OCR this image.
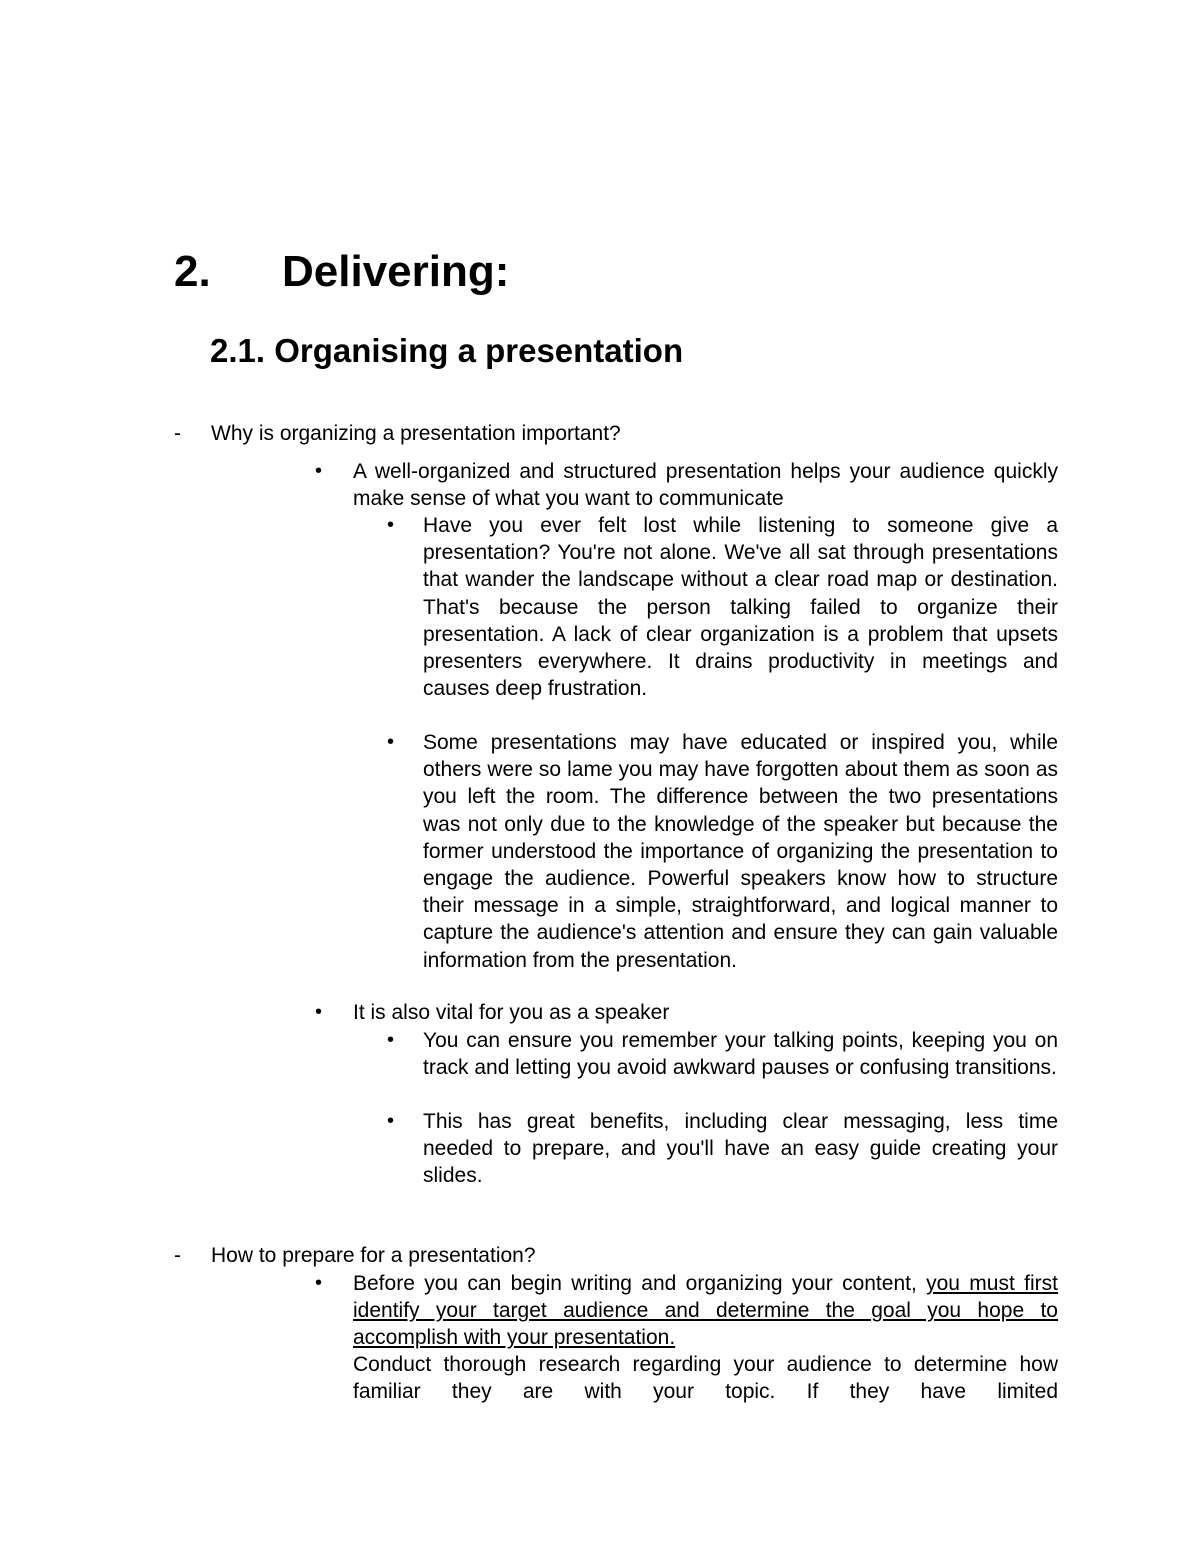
2. Delivering:
2.1. Organising a presentation
- Why is organizing a presentation important?
• A well-organized and structured presentation helps your audience quickly make sense of what you want to communicate
• Have you ever felt lost while listening to someone give a presentation? You're not alone. We've all sat through presentations that wander the landscape without a clear road map or destination. That's because the person talking failed to organize their presentation. A lack of clear organization is a problem that upsets presenters everywhere. It drains productivity in meetings and causes deep frustration.
• Some presentations may have educated or inspired you, while others were so lame you may have forgotten about them as soon as you left the room. The difference between the two presentations was not only due to the knowledge of the speaker but because the former understood the importance of organizing the presentation to engage the audience. Powerful speakers know how to structure their message in a simple, straightforward, and logical manner to capture the audience's attention and ensure they can gain valuable information from the presentation.
• It is also vital for you as a speaker
• You can ensure you remember your talking points, keeping you on track and letting you avoid awkward pauses or confusing transitions.
• This has great benefits, including clear messaging, less time needed to prepare, and you'll have an easy guide creating your slides.
- How to prepare for a presentation?
• Before you can begin writing and organizing your content, you must first identify your target audience and determine the goal you hope to accomplish with your presentation.
Conduct thorough research regarding your audience to determine how familiar they are with your topic. If they have limited
